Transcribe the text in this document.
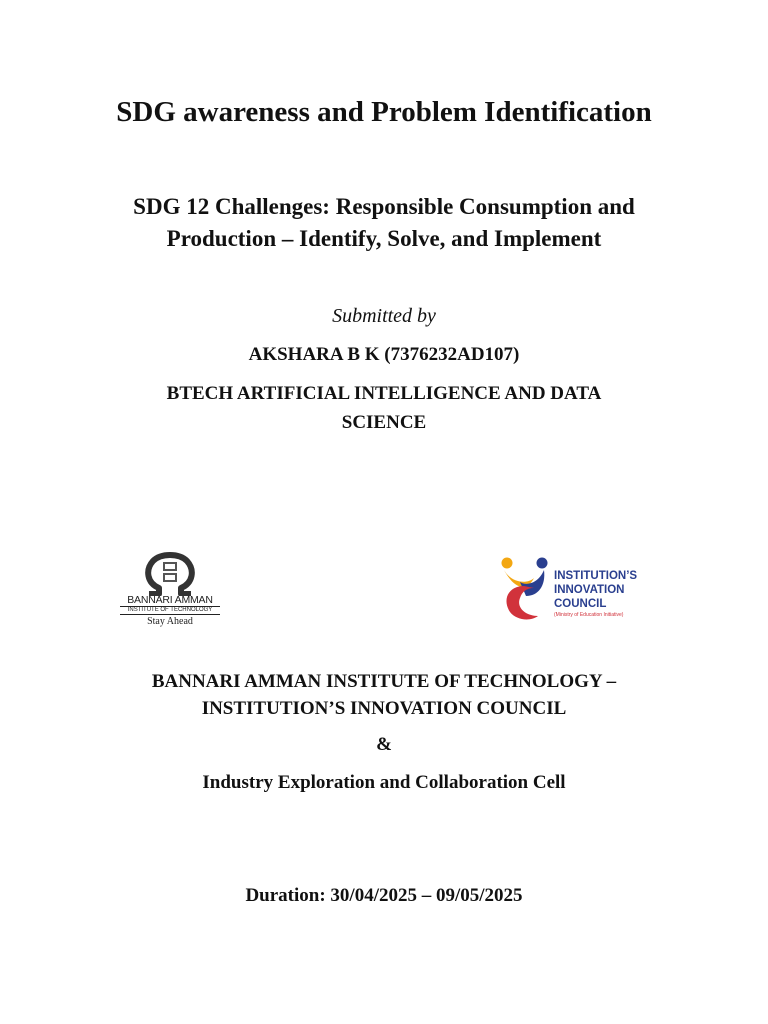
SDG awareness and Problem Identification
SDG 12 Challenges: Responsible Consumption and
Production – Identify, Solve, and Implement
Submitted by
AKSHARA B K (7376232AD107)
BTECH ARTIFICIAL INTELLIGENCE AND DATA
SCIENCE
BANNARI AMMAN
INSTITUTE OF TECHNOLOGY
Stay Ahead
INSTITUTION’S
INNOVATION
COUNCIL
(Ministry of Education Initiative)
BANNARI AMMAN INSTITUTE OF TECHNOLOGY –
INSTITUTION’S INNOVATION COUNCIL
&
Industry Exploration and Collaboration Cell
Duration: 30/04/2025 – 09/05/2025
